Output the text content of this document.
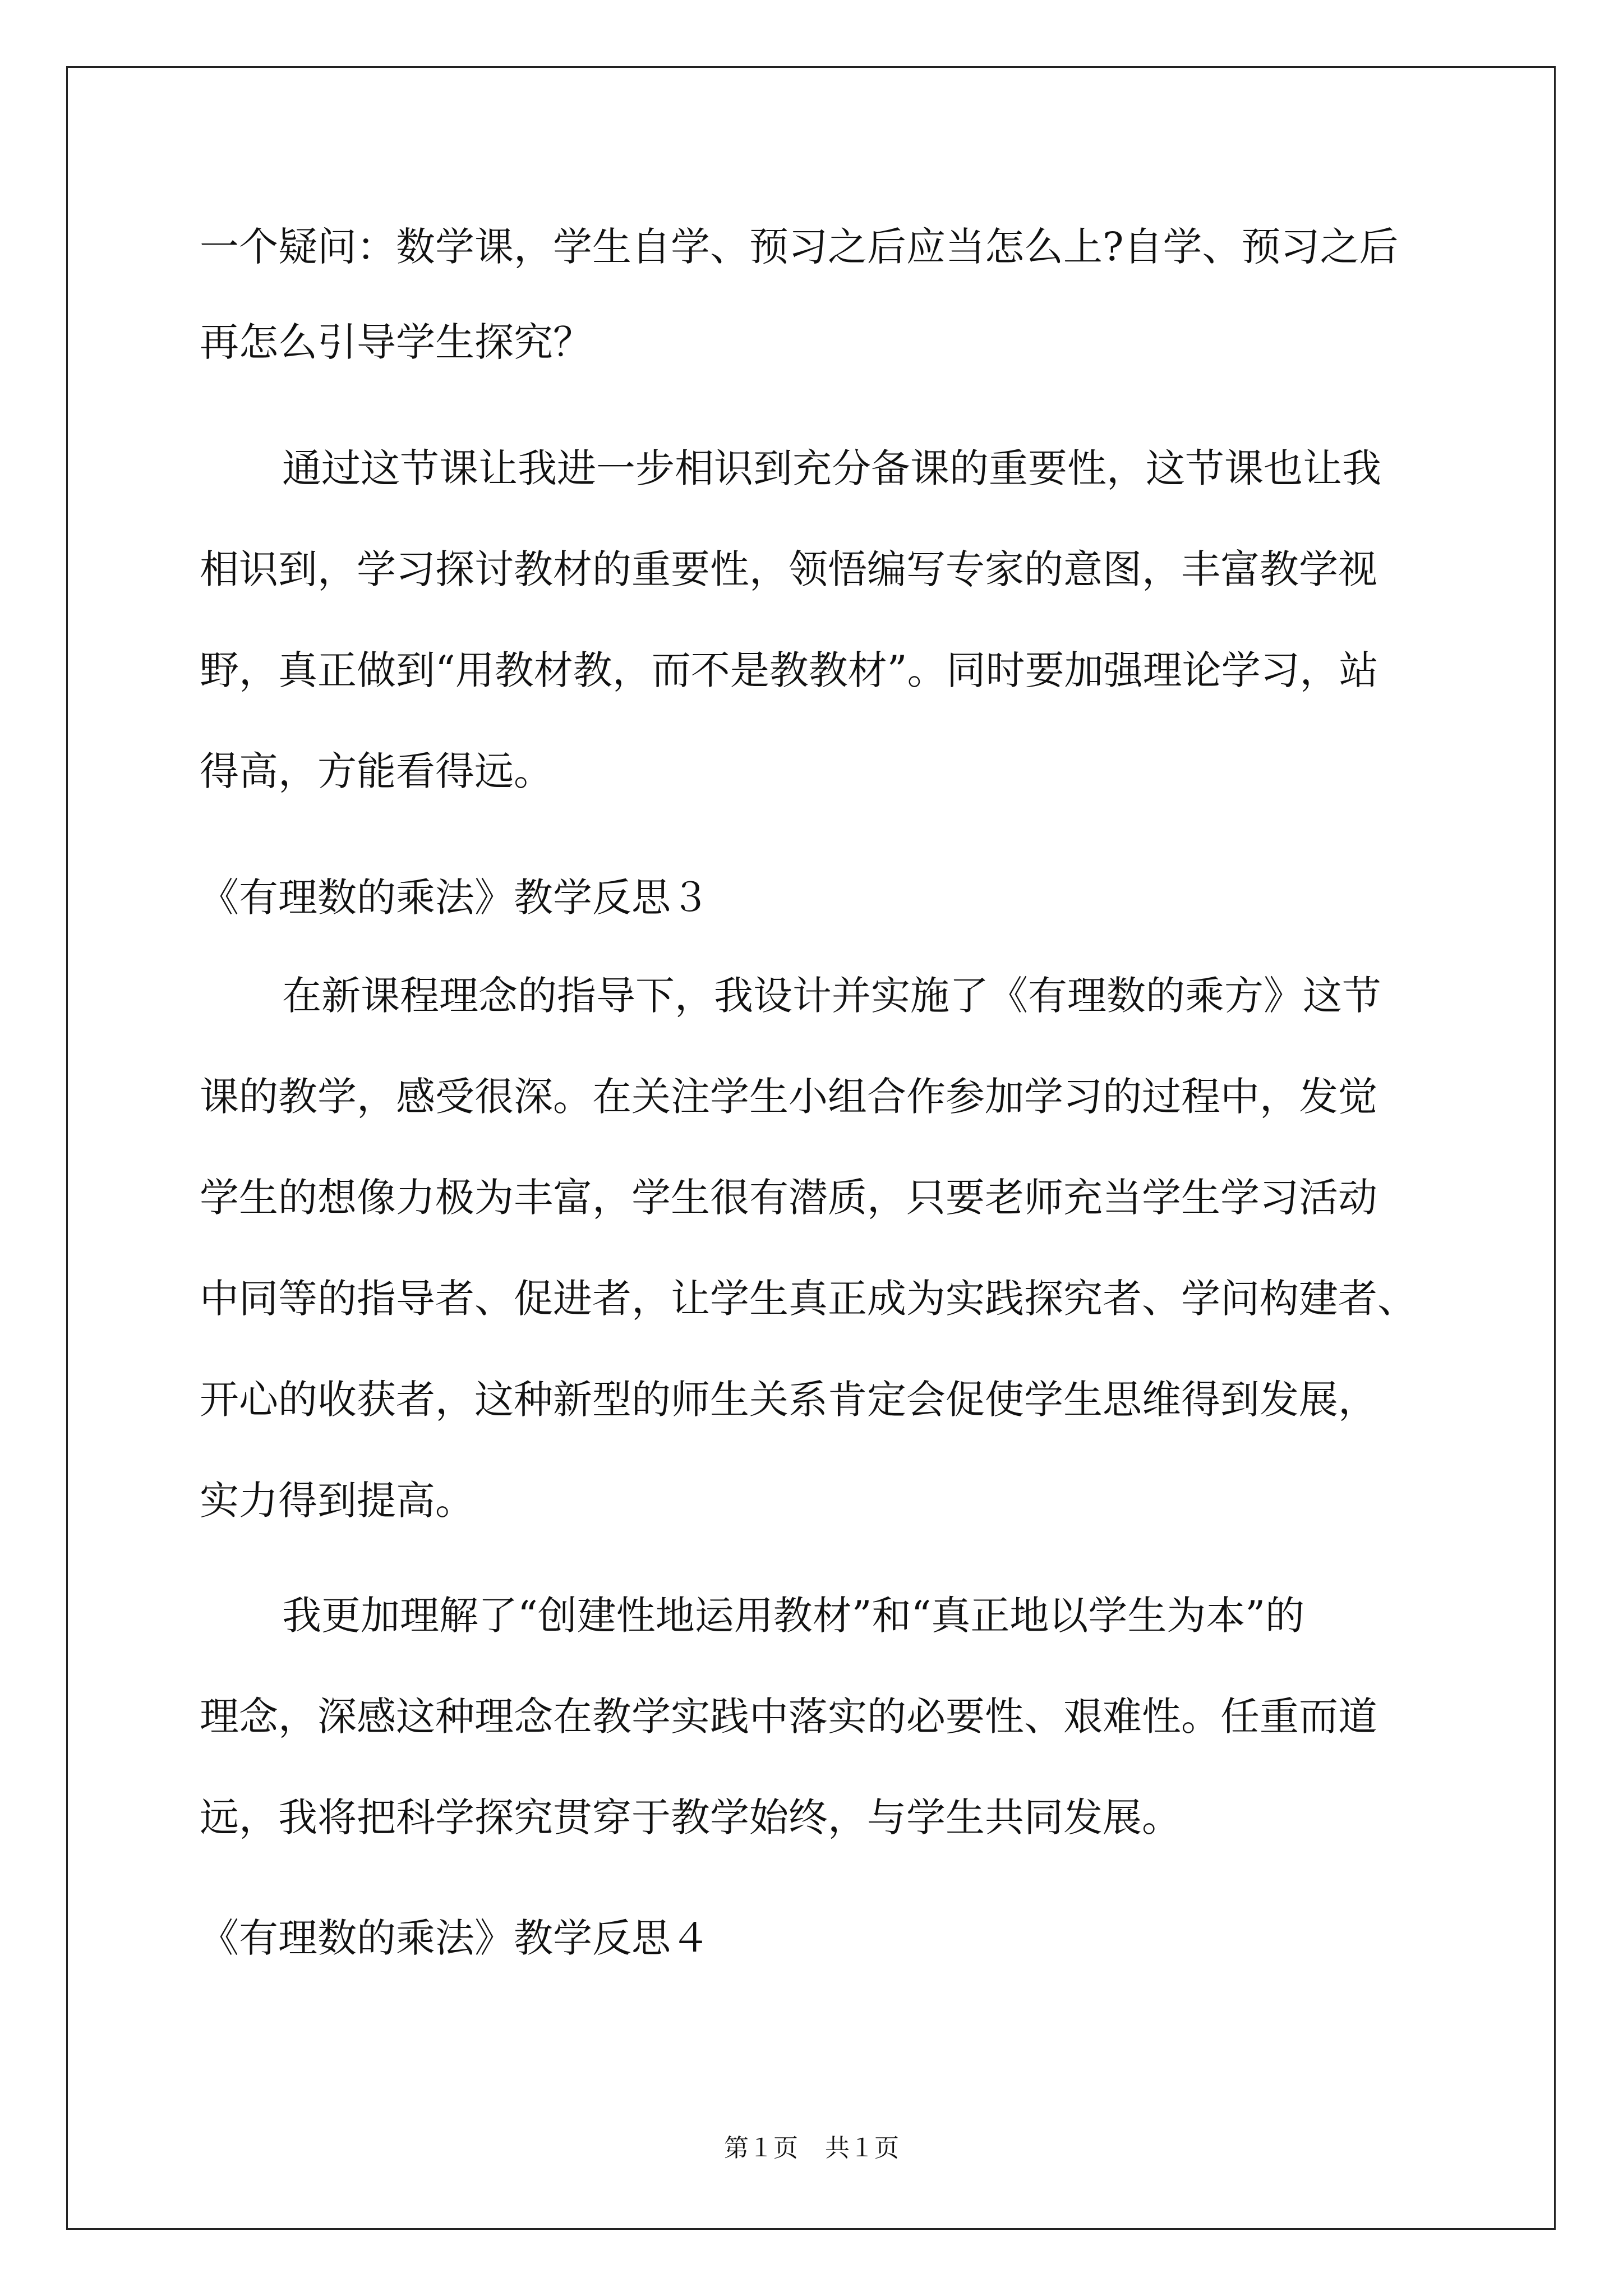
一个疑问：数学课，学生自学、预习之后应当怎么上?自学、预习之后
再怎么引导学生探究？
通过这节课让我进一步相识到充分备课的重要性，这节课也让我
相识到，学习探讨教材的重要性，领悟编写专家的意图，丰富教学视
野，真正做到“用教材教，而不是教教材”。同时要加强理论学习，站
得高，方能看得远。
《有理数的乘法》教学反思３
在新课程理念的指导下，我设计并实施了《有理数的乘方》这节
课的教学，感受很深。在关注学生小组合作参加学习的过程中，发觉
学生的想像力极为丰富，学生很有潜质，只要老师充当学生学习活动
中同等的指导者、促进者，让学生真正成为实践探究者、学问构建者、
开心的收获者，这种新型的师生关系肯定会促使学生思维得到发展，
实力得到提高。
我更加理解了“创建性地运用教材”和“真正地以学生为本”的
理念，深感这种理念在教学实践中落实的必要性、艰难性。任重而道
远，我将把科学探究贯穿于教学始终，与学生共同发展。
《有理数的乘法》教学反思４
第１页 共１页
